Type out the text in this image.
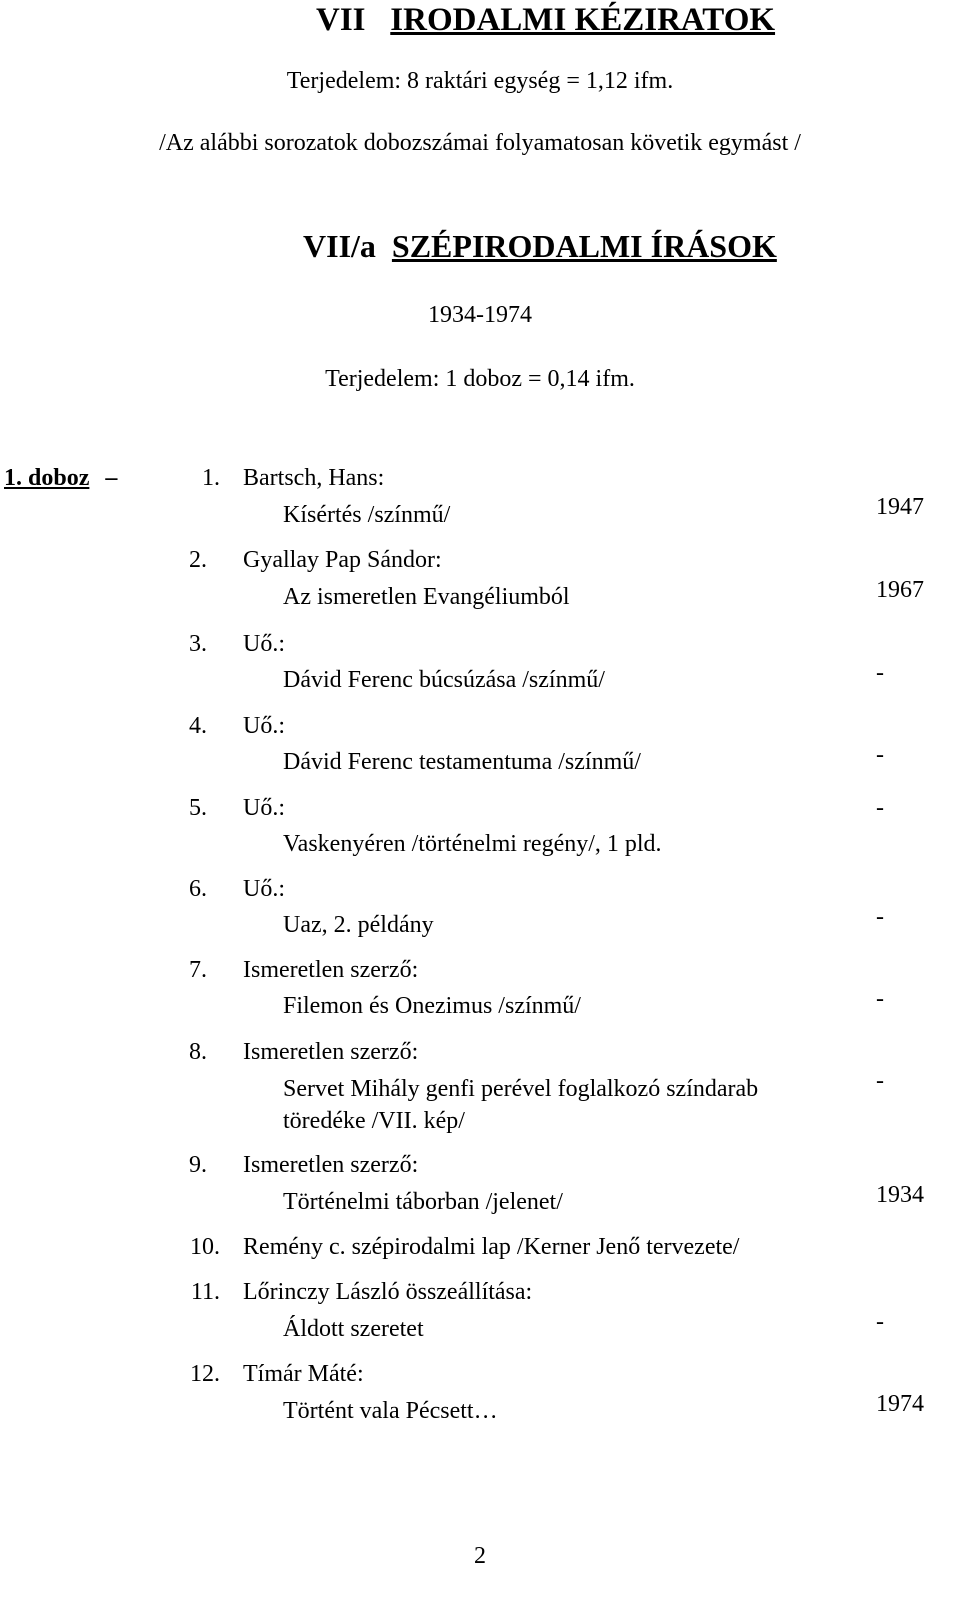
VII IRODALMI KÉZIRATOK
Terjedelem: 8 raktári egység = 1,12 ifm.
/Az alábbi sorozatok dobozszámai folyamatosan követik egymást /
VII/a SZÉPIRODALMI ÍRÁSOK
1934-1974
Terjedelem: 1 doboz = 0,14 ifm.
1. doboz –	1. Bartsch, Hans:
Kísértés /színmű/	1947
2. Gyallay Pap Sándor:
Az ismeretlen Evangéliumból	1967
3. Uő.:
Dávid Ferenc búcsúzása /színmű/	-
4. Uő.:
Dávid Ferenc testamentuma /színmű/	-
5. Uő.:
Vaskenyéren /történelmi regény/, 1 pld.
-
6. Uő.:
Uaz, 2. példány	-
7. Ismeretlen szerző:
Filemon és Onezimus /színmű/	-
8. Ismeretlen szerző:
Servet Mihály genfi perével foglalkozó színdarab
töredéke /VII. kép/
-
9. Ismeretlen szerző:
Történelmi táborban /jelenet/	1934
10. Remény c. szépirodalmi lap /Kerner Jenő tervezete/
11. Lőrinczy László összeállítása:
Áldott szeretet	-
12. Tímár Máté:
Történt vala Pécsett…	1974
2
